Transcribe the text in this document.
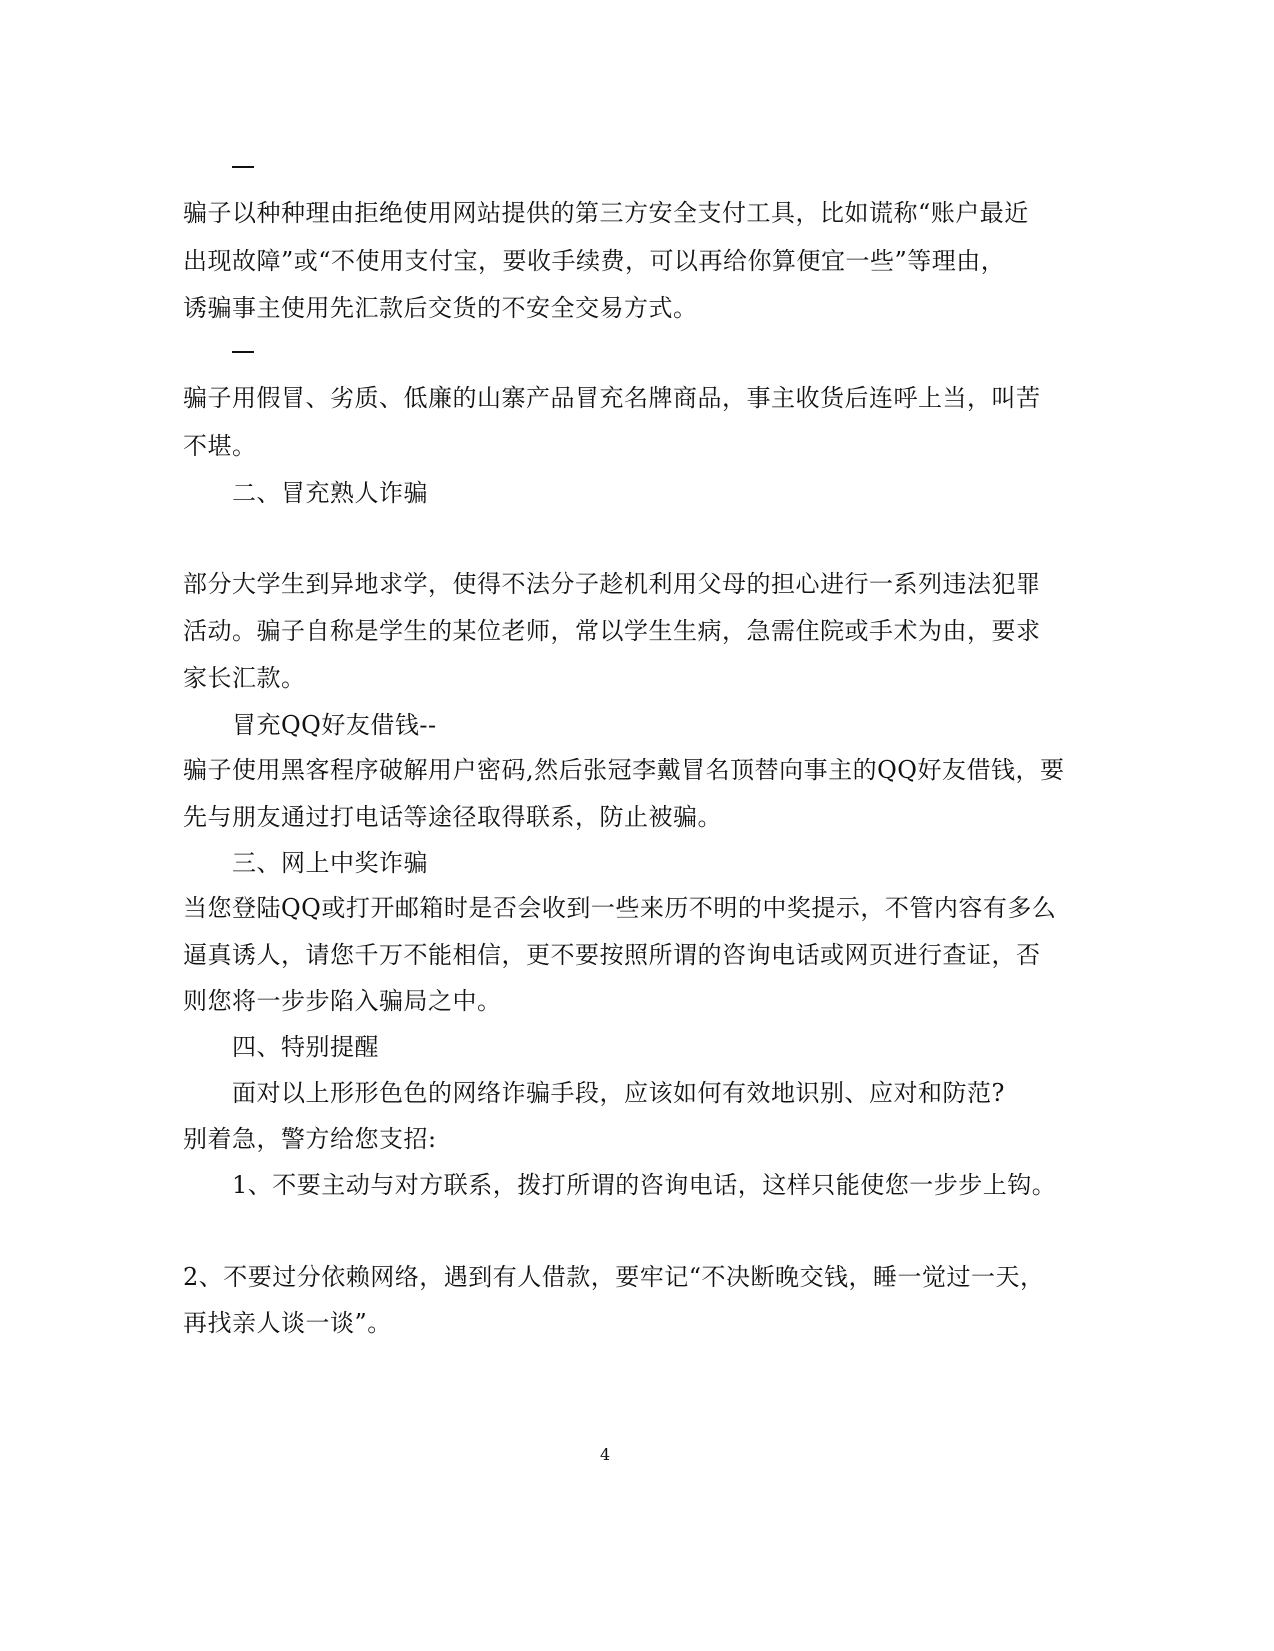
骗子以种种理由拒绝使用网站提供的第三方安全支付工具，比如谎称“账户最近

出现故障”或“不使用支付宝，要收手续费，可以再给你算便宜一些”等理由，

诱骗事主使用先汇款后交货的不安全交易方式。

骗子用假冒、劣质、低廉的山寨产品冒充名牌商品，事主收货后连呼上当，叫苦

不堪。

二、冒充熟人诈骗

部分大学生到异地求学，使得不法分子趁机利用父母的担心进行一系列违法犯罪

活动。骗子自称是学生的某位老师，常以学生生病，急需住院或手术为由，要求

家长汇款。

冒充QQ好友借钱--

骗子使用黑客程序破解用户密码,然后张冠李戴冒名顶替向事主的QQ好友借钱，要

先与朋友通过打电话等途径取得联系，防止被骗。

三、网上中奖诈骗

当您登陆QQ或打开邮箱时是否会收到一些来历不明的中奖提示，不管内容有多么

逼真诱人，请您千万不能相信，更不要按照所谓的咨询电话或网页进行查证，否

则您将一步步陷入骗局之中。

四、特别提醒

面对以上形形色色的网络诈骗手段，应该如何有效地识别、应对和防范?

别着急，警方给您支招:

1、不要主动与对方联系，拨打所谓的咨询电话，这样只能使您一步步上钩。

2、不要过分依赖网络，遇到有人借款，要牢记“不决断晚交钱，睡一觉过一天，

再找亲人谈一谈”。

4
